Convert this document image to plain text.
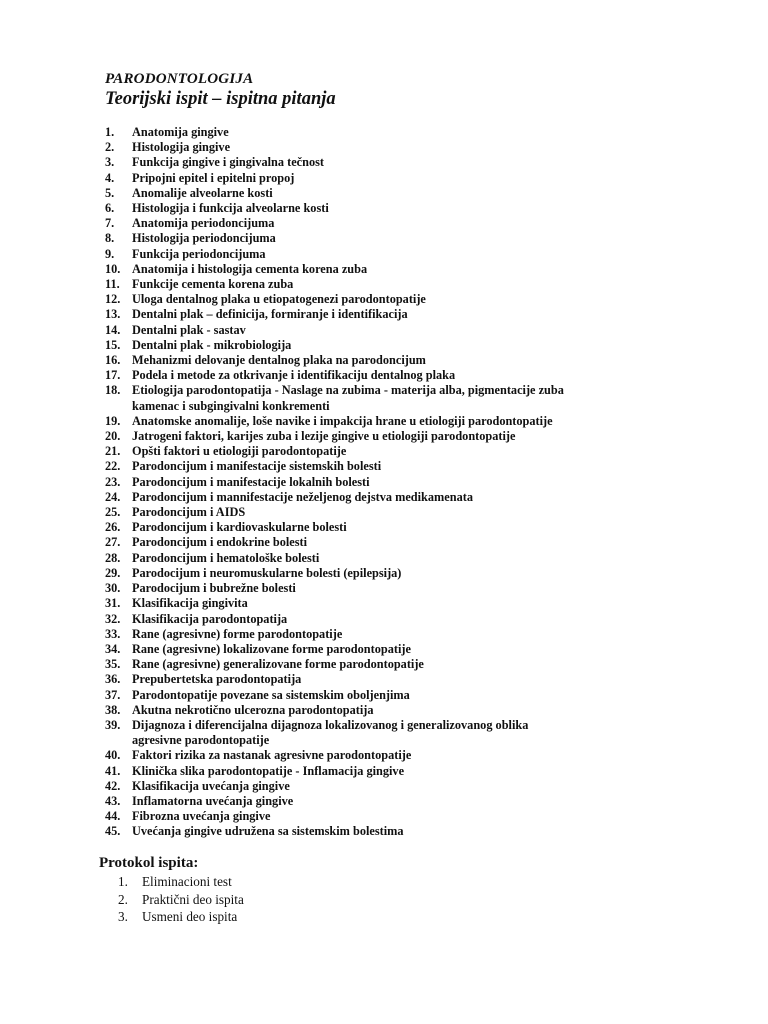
PARODONTOLOGIJA
Teorijski ispit – ispitna pitanja
1.	Anatomija gingive
2.	Histologija gingive
3.	Funkcija gingive i gingivalna tečnost
4.	Pripojni epitel i epitelni propoj
5.	Anomalije alveolarne kosti
6.	Histologija i funkcija alveolarne kosti
7.	Anatomija periodoncijuma
8.	Histologija periodoncijuma
9.	Funkcija periodoncijuma
10. Anatomija i histologija cementa korena zuba
11. Funkcije cementa korena zuba
12. Uloga dentalnog plaka u etiopatogenezi parodontopatije
13. Dentalni plak – definicija, formiranje i identifikacija
14. Dentalni plak - sastav
15. Dentalni plak - mikrobiologija
16. Mehanizmi delovanje dentalnog plaka na parodoncijum
17. Podela i metode za otkrivanje i identifikaciju dentalnog plaka
18. Etiologija parodontopatija - Naslage na zubima - materija alba, pigmentacije zuba
kamenac i subgingivalni konkrementi
19. Anatomske anomalije, loše navike i impakcija hrane u etiologiji parodontopatije
20. Jatrogeni faktori, karijes zuba i lezije gingive u etiologiji parodontopatije
21. Opšti faktori u etiologiji parodontopatije
22. Parodoncijum i manifestacije sistemskih bolesti
23. Parodoncijum i manifestacije lokalnih bolesti
24. Parodoncijum i mannifestacije neželjenog dejstva medikamenata
25. Parodoncijum i AIDS
26. Parodoncijum i kardiovaskularne bolesti
27. Parodoncijum i endokrine bolesti
28. Parodoncijum i hematološke bolesti
29. Parodocijum i neuromuskularne bolesti (epilepsija)
30. Parodocijum i bubrežne bolesti
31. Klasifikacija gingivita
32. Klasifikacija parodontopatija
33. Rane (agresivne) forme parodontopatije
34. Rane (agresivne) lokalizovane forme parodontopatije
35. Rane (agresivne) generalizovane forme parodontopatije
36. Prepubertetska parodontopatija
37. Parodontopatije povezane sa sistemskim oboljenjima
38. Akutna nekrotično ulcerozna parodontopatija
39. Dijagnoza i diferencijalna dijagnoza lokalizovanog i generalizovanog oblika
agresivne parodontopatije
40. Faktori rizika za nastanak agresivne parodontopatije
41. Klinička slika parodontopatije - Inflamacija gingive
42. Klasifikacija uvećanja gingive
43. Inflamatorna uvećanja gingive
44. Fibrozna uvećanja gingive
45. Uvećanja gingive udružena sa sistemskim bolestima
Protokol ispita:
1.	Eliminacioni test
2.	Praktični deo ispita
3.	Usmeni deo ispita
